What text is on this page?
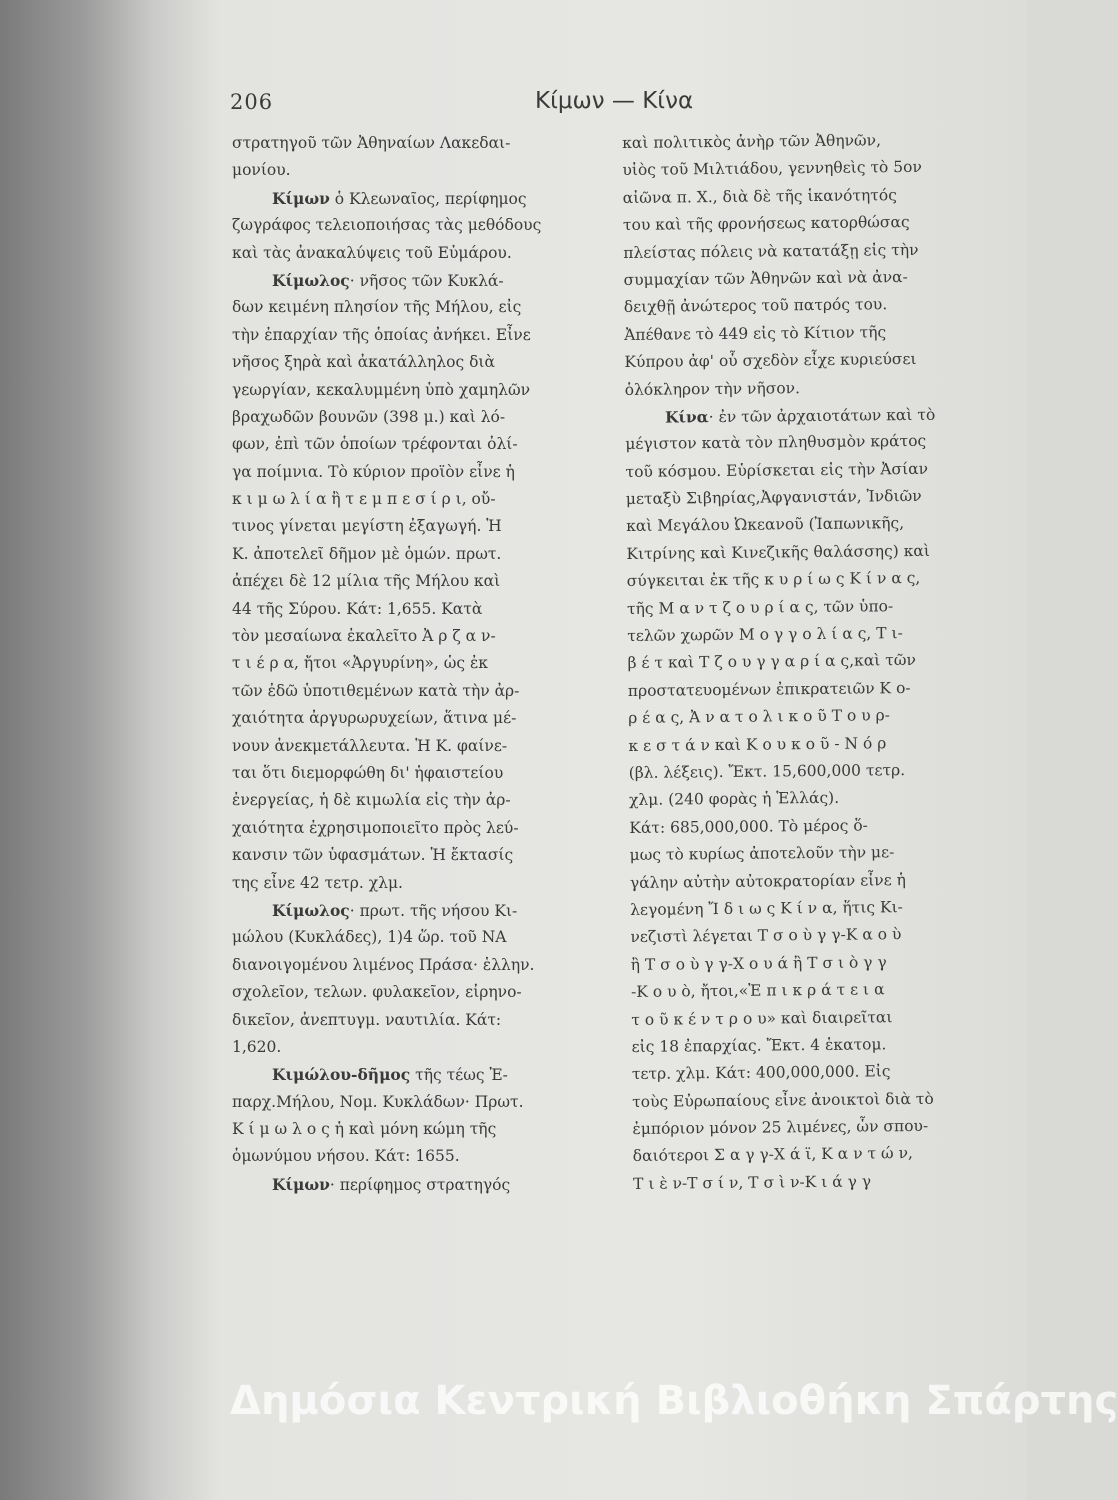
206	Κίμων — Κίνα
στρατηγοῦ τῶν Ἀθηναίων Λακεδαι-
μονίου.
Κίμων ὁ Κλεωναῖος, περίφημος
ζωγράφος τελειοποιήσας τὰς μεθόδους
καὶ τὰς ἀνακαλύψεις τοῦ Εὐμάρου.
Κίμωλος· νῆσος τῶν Κυκλά-
δων κειμένη πλησίον τῆς Μήλου, εἰς
τὴν ἐπαρχίαν τῆς ὁποίας ἀνήκει. Εἶνε
νῆσος ξηρὰ καὶ ἀκατάλληλος διὰ
γεωργίαν, κεκαλυμμένη ὑπὸ χαμηλῶν
βραχωδῶν βουνῶν (398 μ.) καὶ λό-
φων, ἐπὶ τῶν ὁποίων τρέφονται ὀλί-
γα ποίμνια. Τὸ κύριον προϊὸν εἶνε ἡ
κ ι μ ω λ ί α ἢ τ ε μ π ε σ ί ρ ι, οὔ-
τινος γίνεται μεγίστη ἐξαγωγή. Ἡ
Κ. ἀποτελεῖ δῆμον μὲ ὁμών. πρωτ.
ἀπέχει δὲ 12 μίλια τῆς Μήλου καὶ
44 τῆς Σύρου. Κάτ: 1,655. Κατὰ
τὸν μεσαίωνα ἐκαλεῖτο Ἀ ρ ζ α ν-
τ ι έ ρ α, ἤτοι «Ἀργυρίνη», ὡς ἐκ
τῶν ἐδῶ ὑποτιθεμένων κατὰ τὴν ἀρ-
χαιότητα ἀργυρωρυχείων, ἅτινα μέ-
νουν ἀνεκμετάλλευτα. Ἡ Κ. φαίνε-
ται ὅτι διεμορφώθη δι' ἡφαιστείου
ἐνεργείας, ἡ δὲ κιμωλία εἰς τὴν ἀρ-
χαιότητα ἐχρησιμοποιεῖτο πρὸς λεύ-
κανσιν τῶν ὑφασμάτων. Ἡ ἔκτασίς
της εἶνε 42 τετρ. χλμ.
Κίμωλος· πρωτ. τῆς νήσου Κι-
μώλου (Κυκλάδες), 1)4 ὥρ. τοῦ ΝΑ
διανοιγομένου λιμένος Πράσα· ἑλλην.
σχολεῖον, τελων. φυλακεῖον, εἰρηνο-
δικεῖον, ἀνεπτυγμ. ναυτιλία. Κάτ:
1,620.
Κιμώλου-δῆμος τῆς τέως Ἐ-
παρχ.Μήλου, Νομ. Κυκλάδων· Πρωτ.
Κ ί μ ω λ ο ς ἡ καὶ μόνη κώμη τῆς
ὁμωνύμου νήσου. Κάτ: 1655.
Κίμων· περίφημος στρατηγός
καὶ πολιτικὸς ἀνὴρ τῶν Ἀθηνῶν,
υἱὸς τοῦ Μιλτιάδου, γεννηθεὶς τὸ 5ον
αἰῶνα π. Χ., διὰ δὲ τῆς ἱκανότητός
του καὶ τῆς φρονήσεως κατορθώσας
πλείστας πόλεις νὰ κατατάξῃ εἰς τὴν
συμμαχίαν τῶν Ἀθηνῶν καὶ νὰ ἀνα-
δειχθῇ ἀνώτερος τοῦ πατρός του.
Ἀπέθανε τὸ 449 εἰς τὸ Κίτιον τῆς
Κύπρου ἀφ' οὗ σχεδὸν εἶχε κυριεύσει
ὁλόκληρον τὴν νῆσον.
Κίνα· ἐν τῶν ἀρχαιοτάτων καὶ τὸ
μέγιστον κατὰ τὸν πληθυσμὸν κράτος
τοῦ κόσμου. Εὑρίσκεται εἰς τὴν Ἀσίαν
μεταξὺ Σιβηρίας,Ἀφγανιστάν, Ἰνδιῶν
καὶ Μεγάλου Ὠκεανοῦ (Ἰαπωνικῆς,
Κιτρίνης καὶ Κινεζικῆς θαλάσσης) καὶ
σύγκειται ἐκ τῆς κ υ ρ ί ω ς Κ ί ν α ς,
τῆς Μ α ν τ ζ ο υ ρ ί α ς, τῶν ὑπο-
τελῶν χωρῶν Μ ο γ γ ο λ ί α ς, Τ ι-
β έ τ καὶ Τ ζ ο υ γ γ α ρ ί α ς,καὶ τῶν
προστατευομένων ἐπικρατειῶν Κ ο-
ρ έ α ς, Ἀ ν α τ ο λ ι κ ο ῦ Τ ο υ ρ-
κ ε σ τ ά ν καὶ Κ ο υ κ ο ῦ - Ν ό ρ
(βλ. λέξεις). Ἔκτ. 15,600,000 τετρ.
χλμ. (240 φορὰς ἡ Ἑλλάς).
Κάτ: 685,000,000. Τὸ μέρος ὅ-
μως τὸ κυρίως ἀποτελοῦν τὴν με-
γάλην αὐτὴν αὐτοκρατορίαν εἶνε ἡ
λεγομένη Ἴ δ ι ω ς Κ ί ν α, ἥτις Κι-
νεζιστὶ λέγεται Τ σ ο ὺ γ γ-Κ α ο ὺ
ἢ Τ σ ο ὺ γ γ-Χ ο υ ά ἢ Τ σ ι ὸ γ γ
-Κ ο υ ὸ, ἤτοι,«Ἐ π ι κ ρ ά τ ε ι α
τ ο ῦ κ έ ν τ ρ ο υ» καὶ διαιρεῖται
εἰς 18 ἐπαρχίας. Ἔκτ. 4 ἑκατομ.
τετρ. χλμ. Κάτ: 400,000,000. Εἰς
τοὺς Εὐρωπαίους εἶνε ἀνοικτοὶ διὰ τὸ
ἐμπόριον μόνον 25 λιμένες, ὧν σπου-
δαιότεροι Σ α γ γ-Χ ά ϊ, Κ α ν τ ώ ν,
Τ ι ὲ ν-Τ σ ί ν, Τ σ ὶ ν-Κ ι ά γ γ
Δημόσια Κεντρική Βιβλιοθήκη Σπάρτης
